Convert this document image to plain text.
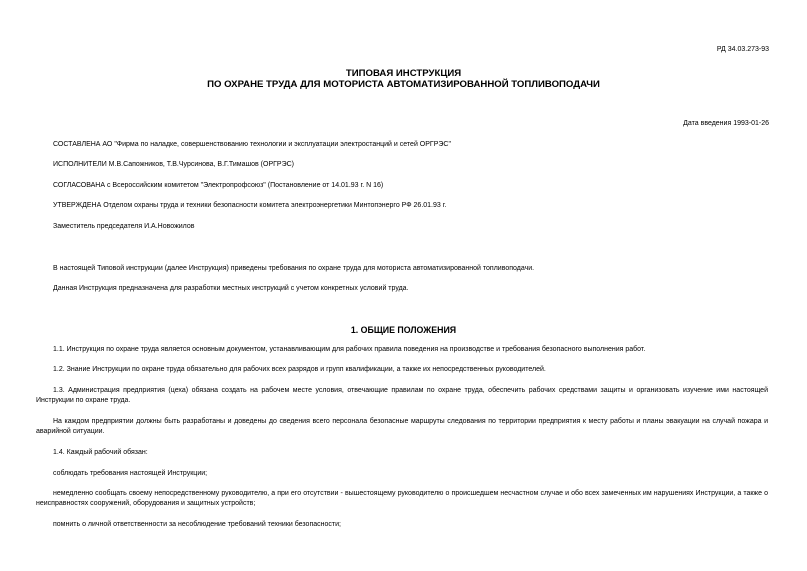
РД 34.03.273-93
ТИПОВАЯ ИНСТРУКЦИЯ
ПО ОХРАНЕ ТРУДА ДЛЯ МОТОРИСТА АВТОМАТИЗИРОВАННОЙ ТОПЛИВОПОДАЧИ
Дата введения 1993-01-26
СОСТАВЛЕНА АО "Фирма по наладке, совершенствованию технологии и эксплуатации электростанций и сетей ОРГРЭС"
ИСПОЛНИТЕЛИ М.В.Сапожников, Т.В.Чурсинова, В.Г.Тимашов (ОРГРЭС)
СОГЛАСОВАНА с Всероссийским комитетом "Электропрофсоюз" (Постановление от 14.01.93 г. N 16)
УТВЕРЖДЕНА Отделом охраны труда и техники безопасности комитета электроэнергетики Минтопэнерго РФ 26.01.93 г.
Заместитель председателя И.А.Новожилов
В настоящей Типовой инструкции (далее Инструкция) приведены требования по охране труда для моториста автоматизированной топливоподачи.
Данная Инструкция предназначена для разработки местных инструкций с учетом конкретных условий труда.
1. ОБЩИЕ ПОЛОЖЕНИЯ
1.1. Инструкция по охране труда является основным документом, устанавливающим для рабочих правила поведения на производстве и требования безопасного выполнения работ.
1.2. Знание Инструкции по охране труда обязательно для рабочих всех разрядов и групп квалификации, а также их непосредственных руководителей.
1.3. Администрация предприятия (цеха) обязана создать на рабочем месте условия, отвечающие правилам по охране труда, обеспечить рабочих средствами защиты и организовать изучение ими настоящей Инструкции по охране труда.
На каждом предприятии должны быть разработаны и доведены до сведения всего персонала безопасные маршруты следования по территории предприятия к месту работы и планы эвакуации на случай пожара и аварийной ситуации.
1.4. Каждый рабочий обязан:
соблюдать требования настоящей Инструкции;
немедленно сообщать своему непосредственному руководителю, а при его отсутствии - вышестоящему руководителю о происшедшем несчастном случае и обо всех замеченных им нарушениях Инструкции, а также о неисправностях сооружений, оборудования и защитных устройств;
помнить о личной ответственности за несоблюдение требований техники безопасности;
